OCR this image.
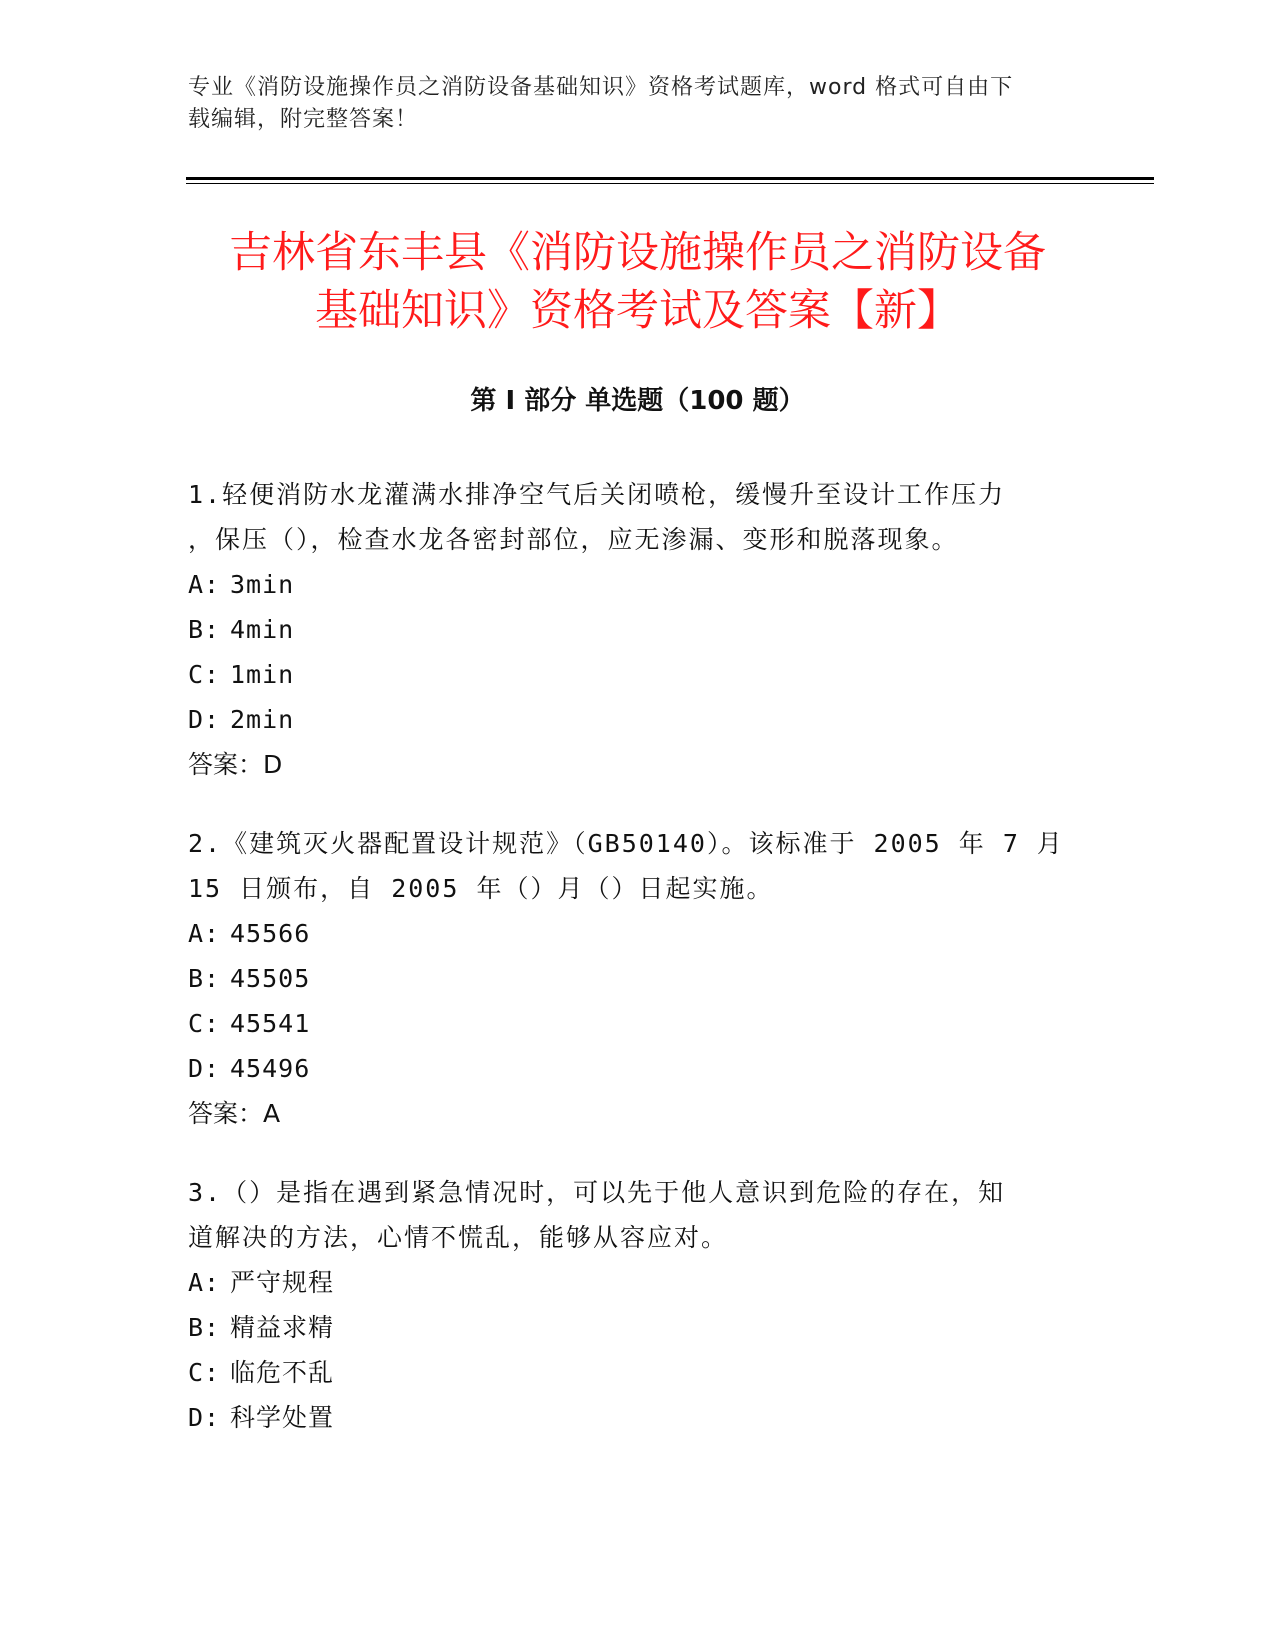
专业《消防设施操作员之消防设备基础知识》资格考试题库，word 格式可自由下
载编辑，附完整答案！
吉林省东丰县《消防设施操作员之消防设备
基础知识》资格考试及答案【新】
第 I 部分 单选题（100 题）
1.轻便消防水龙灌满水排净空气后关闭喷枪，缓慢升至设计工作压力
，保压（），检查水龙各密封部位，应无渗漏、变形和脱落现象。
A: 3min
B: 4min
C: 1min
D: 2min
答案：D
2.《建筑灭火器配置设计规范》（GB50140）。该标准于 2005 年 7 月
15 日颁布，自 2005 年（）月（）日起实施。
A: 45566
B: 45505
C: 45541
D: 45496
答案：A
3.（）是指在遇到紧急情况时，可以先于他人意识到危险的存在，知
道解决的方法，心情不慌乱，能够从容应对。
A: 严守规程
B: 精益求精
C: 临危不乱
D: 科学处置
